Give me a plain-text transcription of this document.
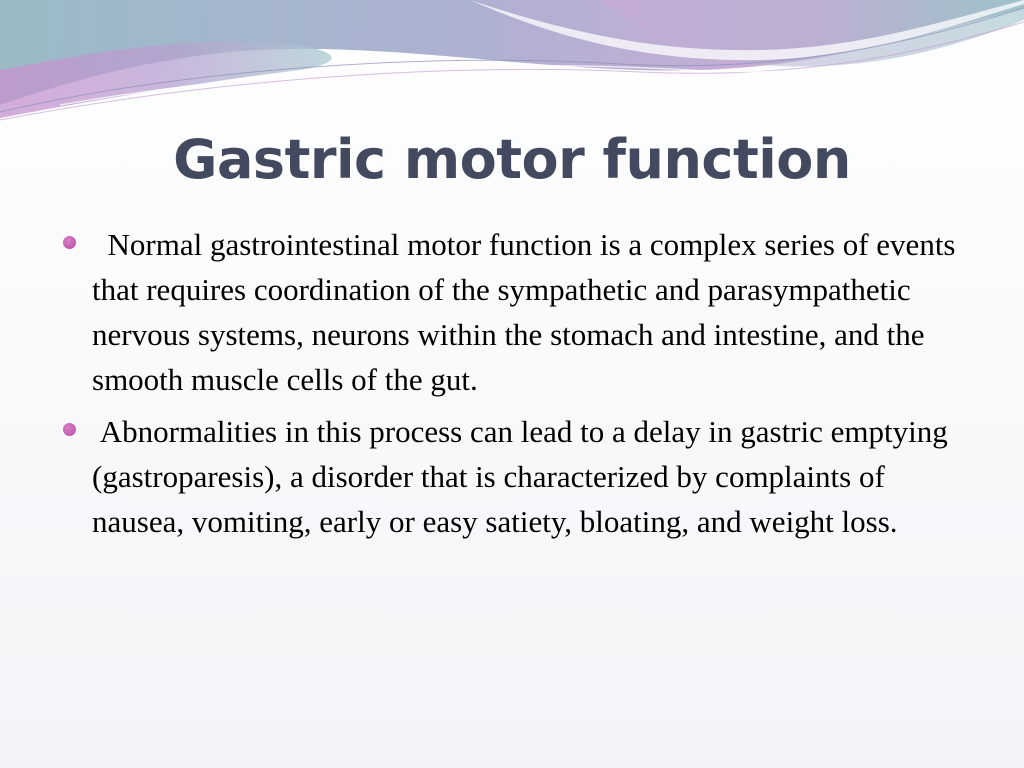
Gastric motor function
Normal gastrointestinal motor function is a complex series of events that requires coordination of the sympathetic and parasympathetic nervous systems, neurons within the stomach and intestine, and the smooth muscle cells of the gut.
Abnormalities in this process can lead to a delay in gastric emptying (gastroparesis), a disorder that is characterized by complaints of nausea, vomiting, early or easy satiety, bloating, and weight loss.
